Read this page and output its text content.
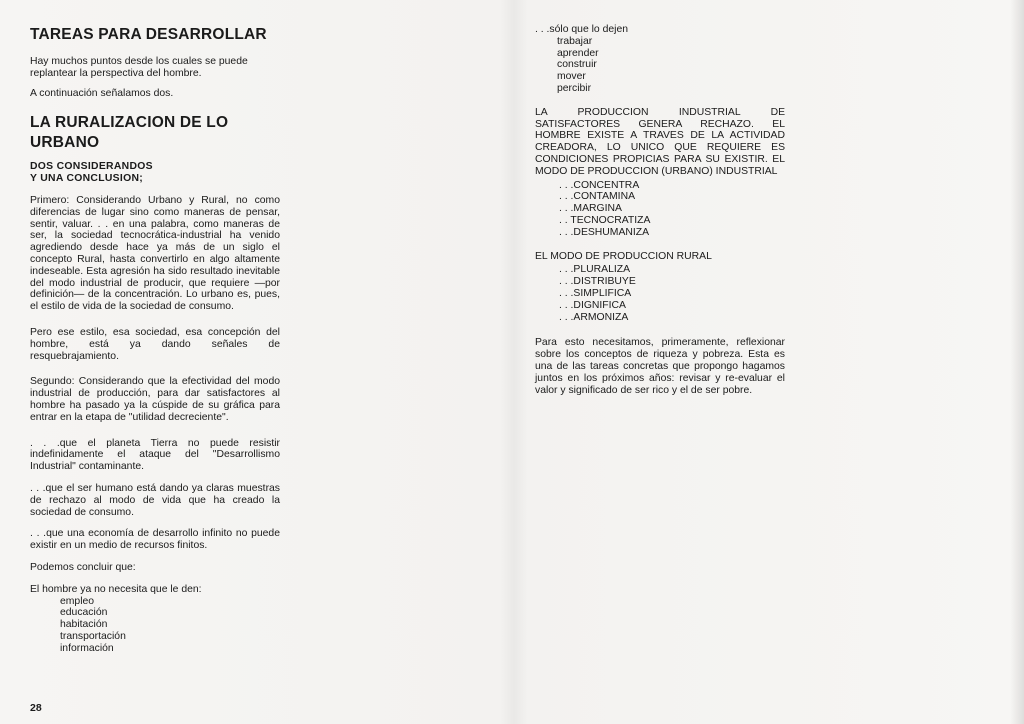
TAREAS PARA DESARROLLAR

Hay muchos puntos desde los cuales se puede replantear la perspectiva del hombre.

A continuación señalamos dos.

LA RURALIZACION DE LO URBANO
DOS CONSIDERANDOS
Y UNA CONCLUSION;

Primero: Considerando Urbano y Rural, no como diferencias de lugar sino como maneras de pensar, sentir, valuar. . . en una palabra, como maneras de ser, la sociedad tecnocrática-industrial ha venido agrediendo desde hace ya más de un siglo el concepto Rural, hasta convertirlo en algo altamente indeseable. Esta agresión ha sido resultado inevitable del modo industrial de producir, que requiere —por definición— de la concentración. Lo urbano es, pues, el estilo de vida de la sociedad de consumo.

Pero ese estilo, esa sociedad, esa concepción del hombre, está ya dando señales de resquebrajamiento.

Segundo: Considerando que la efectividad del modo industrial de producción, para dar satisfactores al hombre ha pasado ya la cúspide de su gráfica para entrar en la etapa de "utilidad decreciente".

. . .que el planeta Tierra no puede resistir indefinidamente el ataque del "Desarrollismo Industrial" contaminante.

. . .que el ser humano está dando ya claras muestras de rechazo al modo de vida que ha creado la sociedad de consumo.

. . .que una economía de desarrollo infinito no puede existir en un medio de recursos finitos.

Podemos concluir que:

El hombre ya no necesita que le den:

empleo
educación
habitación
transportación
información
28
. . .sólo que lo dejen
trabajar
aprender
construir
mover
percibir

LA PRODUCCION INDUSTRIAL DE SATISFACTORES GENERA RECHAZO. EL HOMBRE EXISTE A TRAVES DE LA ACTIVIDAD CREADORA, LO UNICO QUE REQUIERE ES CONDICIONES PROPICIAS PARA SU EXISTIR. EL MODO DE PRODUCCION (URBANO) INDUSTRIAL

. . .CONCENTRA
. . .CONTAMINA
. . .MARGINA
. . TECNOCRATIZA
. . .DESHUMANIZA

EL MODO DE PRODUCCION RURAL

. . .PLURALIZA
. . .DISTRIBUYE
. . .SIMPLIFICA
. . .DIGNIFICA
. . .ARMONIZA

Para esto necesitamos, primeramente, reflexionar sobre los conceptos de riqueza y pobreza. Esta es una de las tareas concretas que propongo hagamos juntos en los próximos años: revisar y re-evaluar el valor y significado de ser rico y el de ser pobre.
